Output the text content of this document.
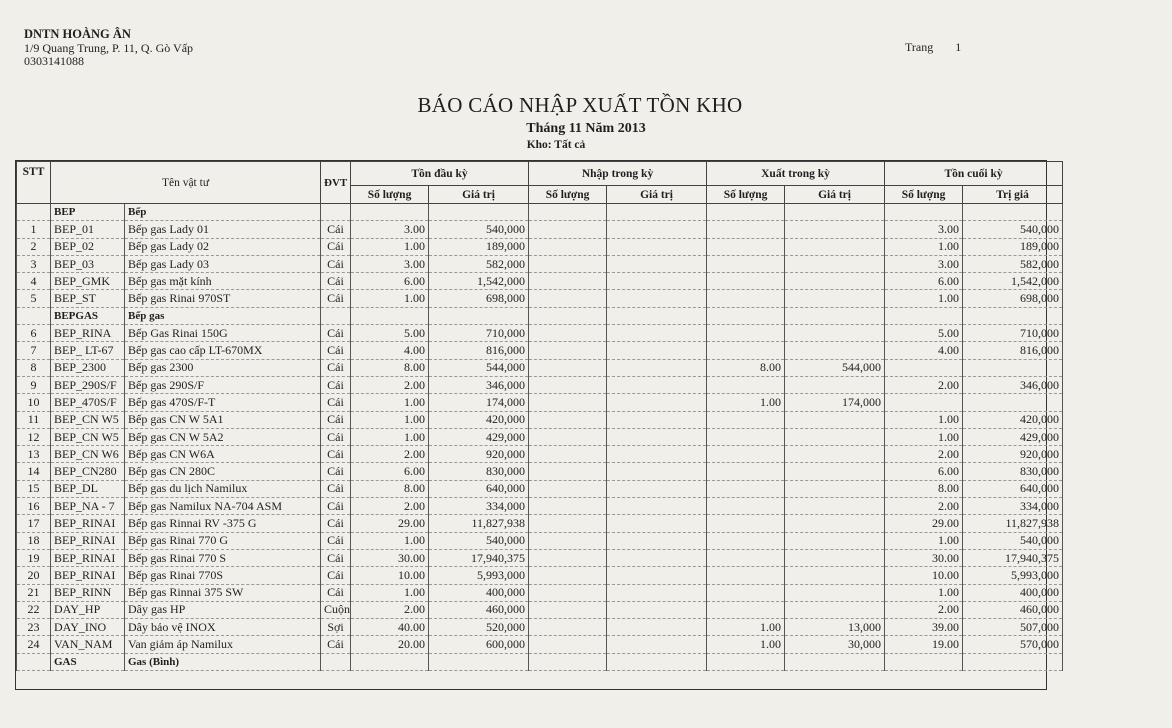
DNTN HOÀNG ÂN
1/9 Quang Trung, P. 11, Q. Gò Vấp
0303141088
Trang 1
BÁO CÁO NHẬP XUẤT TỒN KHO
Tháng 11 Năm 2013
Kho: Tất cả
STT	Tên vật tư		ĐVT	Tồn đầu kỳ		Nhập trong kỳ		Xuất trong kỳ		Tồn cuối kỳ	
				Số lượng	Giá trị	Số lượng	Giá trị	Số lượng	Giá trị	Số lượng	Trị giá
	BEP	Bếp									
1	BEP_01	Bếp gas Lady 01	Cái	3.00	540,000					3.00	540,000
2	BEP_02	Bếp gas Lady 02	Cái	1.00	189,000					1.00	189,000
3	BEP_03	Bếp gas Lady 03	Cái	3.00	582,000					3.00	582,000
4	BEP_GMK	Bếp gas mặt kính	Cái	6.00	1,542,000					6.00	1,542,000
5	BEP_ST	Bếp gas Rinai 970ST	Cái	1.00	698,000					1.00	698,000
	BEPGAS	Bếp gas									
6	BEP_RINA	Bếp Gas Rinai 150G	Cái	5.00	710,000					5.00	710,000
7	BEP_ LT-67	Bếp gas cao cấp LT-670MX	Cái	4.00	816,000					4.00	816,000
8	BEP_2300	Bếp gas 2300	Cái	8.00	544,000			8.00	544,000		
9	BEP_290S/F	Bếp gas 290S/F	Cái	2.00	346,000					2.00	346,000
10	BEP_470S/F	Bếp gas 470S/F-T	Cái	1.00	174,000			1.00	174,000		
11	BEP_CN W5	Bếp gas CN W 5A1	Cái	1.00	420,000					1.00	420,000
12	BEP_CN W5	Bếp gas CN W 5A2	Cái	1.00	429,000					1.00	429,000
13	BEP_CN W6	Bếp gas CN W6A	Cái	2.00	920,000					2.00	920,000
14	BEP_CN280	Bếp gas CN 280C	Cái	6.00	830,000					6.00	830,000
15	BEP_DL	Bếp gas du lịch Namilux	Cái	8.00	640,000					8.00	640,000
16	BEP_NA - 7	Bếp gas Namilux NA-704 ASM	Cái	2.00	334,000					2.00	334,000
17	BEP_RINAI	Bếp gas Rinnai RV -375 G	Cái	29.00	11,827,938					29.00	11,827,938
18	BEP_RINAI	Bếp gas Rinai 770 G	Cái	1.00	540,000					1.00	540,000
19	BEP_RINAI	Bếp gas Rinai 770 S	Cái	30.00	17,940,375					30.00	17,940,375
20	BEP_RINAI	Bếp gas Rinai 770S	Cái	10.00	5,993,000					10.00	5,993,000
21	BEP_RINN	Bếp gas Rinnai 375 SW	Cái	1.00	400,000					1.00	400,000
22	DAY_HP	Dây gas HP	Cuộn	2.00	460,000					2.00	460,000
23	DAY_INO	Dây bảo vệ INOX	Sợi	40.00	520,000			1.00	13,000	39.00	507,000
24	VAN_NAM	Van giảm áp Namilux	Cái	20.00	600,000			1.00	30,000	19.00	570,000
	GAS	Gas (Bình)									
